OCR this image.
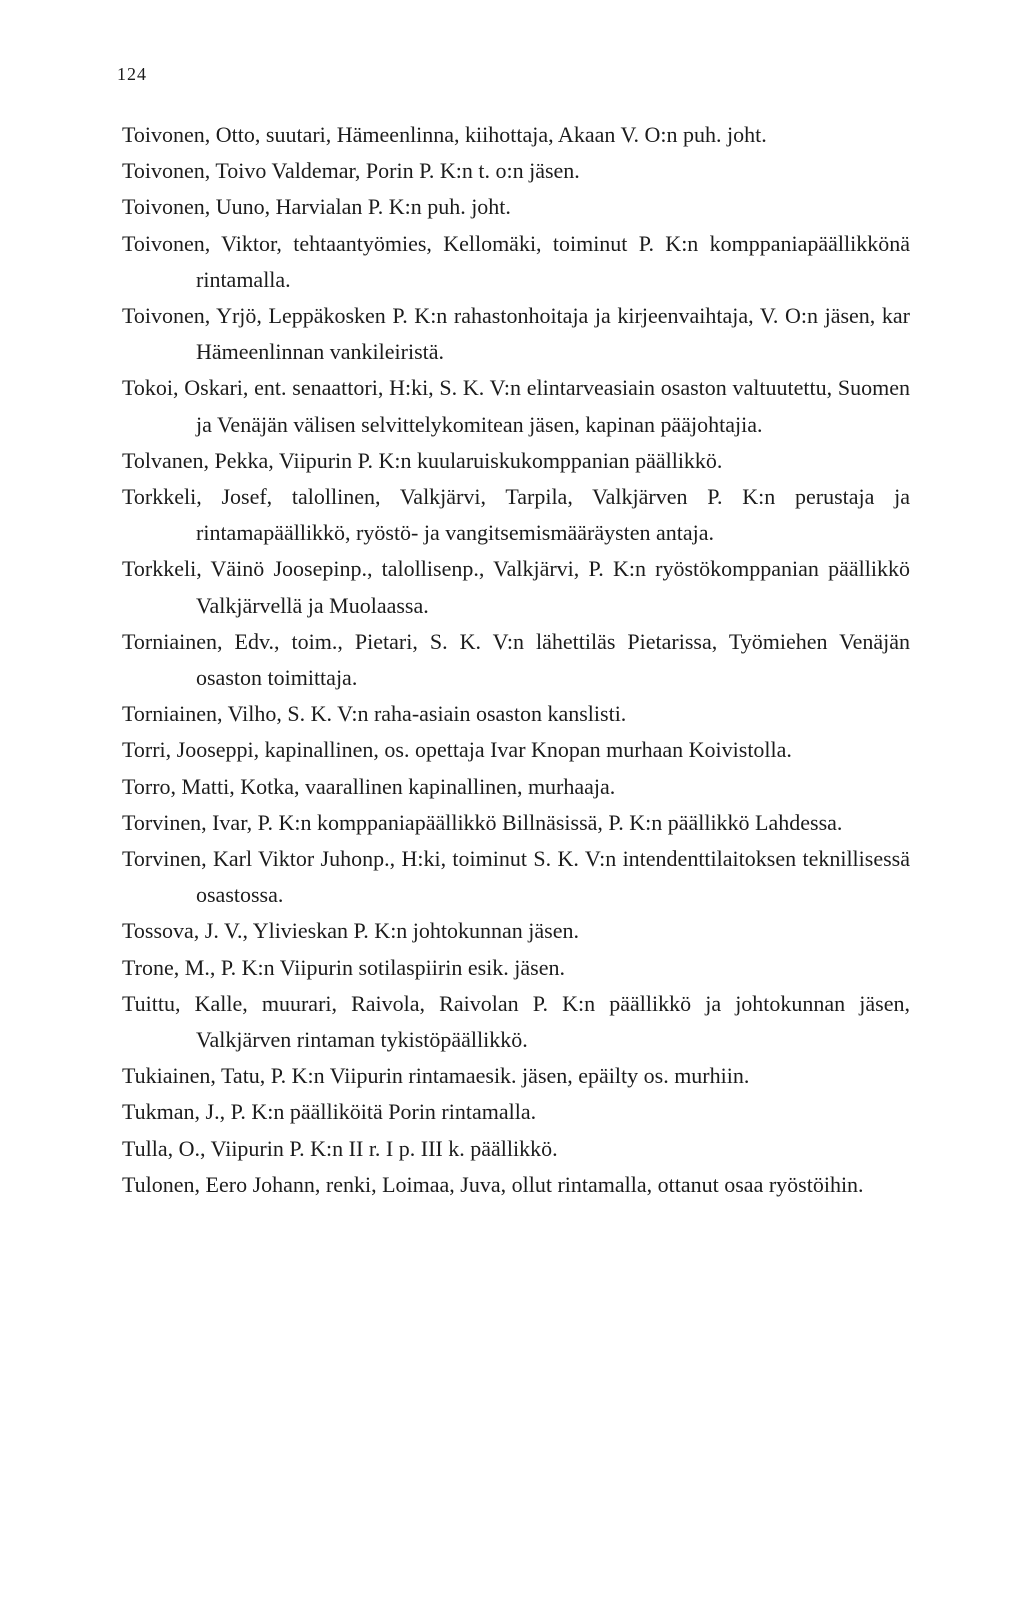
124

Toivonen, Otto, suutari, Hämeenlinna, kiihottaja, Akaan V. O:n puh. joht.

Toivonen, Toivo Valdemar, Porin P. K:n t. o:n jäsen.

Toivonen, Uuno, Harvialan P. K:n puh. joht.

Toivonen, Viktor, tehtaantyömies, Kellomäki, toiminut P. K:n komppaniapäällikkönä rintamalla.

Toivonen, Yrjö, Leppäkosken P. K:n rahastonhoitaja ja kirjeenvaihtaja, V. O:n jäsen, kar Hämeenlinnan vankileiristä.

Tokoi, Oskari, ent. senaattori, H:ki, S. K. V:n elintarveasiain osaston valtuutettu, Suomen ja Venäjän välisen selvittelykomitean jäsen, kapinan pääjohtajia.

Tolvanen, Pekka, Viipurin P. K:n kuularuiskukomppanian päällikkö.

Torkkeli, Josef, talollinen, Valkjärvi, Tarpila, Valkjärven P. K:n perustaja ja rintamapäällikkö, ryöstö- ja vangitsemismääräysten antaja.

Torkkeli, Väinö Joosepinp., talollisenp., Valkjärvi, P. K:n ryöstökomppanian päällikkö Valkjärvellä ja Muolaassa.

Torniainen, Edv., toim., Pietari, S. K. V:n lähettiläs Pietarissa, Työmiehen Venäjän osaston toimittaja.

Torniainen, Vilho, S. K. V:n raha-asiain osaston kanslisti.

Torri, Jooseppi, kapinallinen, os. opettaja Ivar Knopan murhaan Koivistolla.

Torro, Matti, Kotka, vaarallinen kapinallinen, murhaaja.

Torvinen, Ivar, P. K:n komppaniapäällikkö Billnäsissä, P. K:n päällikkö Lahdessa.

Torvinen, Karl Viktor Juhonp., H:ki, toiminut S. K. V:n intendenttilaitoksen teknillisessä osastossa.

Tossova, J. V., Ylivieskan P. K:n johtokunnan jäsen.

Trone, M., P. K:n Viipurin sotilaspiirin esik. jäsen.

Tuittu, Kalle, muurari, Raivola, Raivolan P. K:n päällikkö ja johtokunnan jäsen, Valkjärven rintaman tykistöpäällikkö.

Tukiainen, Tatu, P. K:n Viipurin rintamaesik. jäsen, epäilty os. murhiin.

Tukman, J., P. K:n päälliköitä Porin rintamalla.

Tulla, O., Viipurin P. K:n II r. I p. III k. päällikkö.

Tulonen, Eero Johann, renki, Loimaa, Juva, ollut rintamalla, ottanut osaa ryöstöihin.
